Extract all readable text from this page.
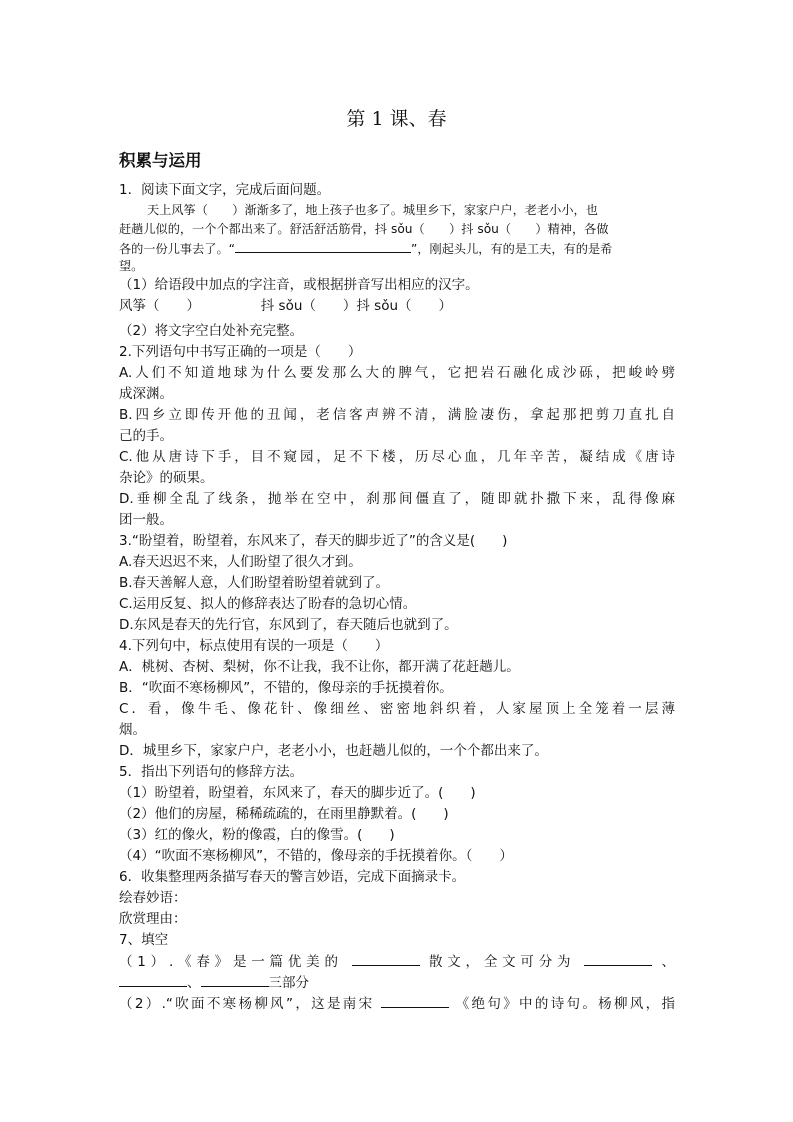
第 1 课、春
积累与运用
1．阅读下面文字，完成后面问题。
天上风筝（　　）渐渐多了，地上孩子也多了。城里乡下，家家户户，老老小小，也
赶趟儿似的，一个个都出来了。舒活舒活筋骨，抖 sǒu（　　）抖 sǒu（　　）精神，各做
各的一份儿事去了。“	”，刚起头儿，有的是工夫，有的是希
望。
（1）给语段中加点的字注音，或根据拼音写出相应的汉字。
风筝（　　）　　　　　抖 sǒu（　　）抖 sǒu（　　）
（2）将文字空白处补充完整。
2.下列语句中书写正确的一项是（　　）
A.人们不知道地球为什么要发那么大的脾气，它把岩石融化成沙砾，把峻岭劈
成深渊。
B.四乡立即传开他的丑闻，老信客声辨不清，满脸凄伤，拿起那把剪刀直扎自
己的手。
C.他从唐诗下手，目不窥园，足不下楼，历尽心血，几年辛苦，凝结成《唐诗
杂论》的硕果。
D.垂柳全乱了线条，抛举在空中，刹那间僵直了，随即就扑撒下来，乱得像麻
团一般。
3.“盼望着，盼望着，东风来了，春天的脚步近了”的含义是(　　)
A.春天迟迟不来，人们盼望了很久才到。
B.春天善解人意，人们盼望着盼望着就到了。
C.运用反复、拟人的修辞表达了盼春的急切心情。
D.东风是春天的先行官，东风到了，春天随后也就到了。
4.下列句中，标点使用有误的一项是（　　）
A．桃树、杏树、梨树，你不让我，我不让你，都开满了花赶趟儿。
B．“吹面不寒杨柳风”，不错的，像母亲的手抚摸着你。
C．看，像牛毛、像花针、像细丝、密密地斜织着，人家屋顶上全笼着一层薄
烟。
D．城里乡下，家家户户，老老小小，也赶趟儿似的，一个个都出来了。
5．指出下列语句的修辞方法。
（1）盼望着，盼望着，东风来了，春天的脚步近了。(　　)
（2）他们的房屋，稀稀疏疏的，在雨里静默着。(　　)
（3）红的像火，粉的像霞，白的像雪。(　　)
（4）“吹面不寒杨柳风”，不错的，像母亲的手抚摸着你。（　　）
6．收集整理两条描写春天的警言妙语，完成下面摘录卡。
绘春妙语：
欣赏理由：
7、填空
（1）.《春》是一篇优美的	散文，全文可分为	、
、	三部分
（2）.“吹面不寒杨柳风”，这是南宋	《绝句》中的诗句。杨柳风，指
